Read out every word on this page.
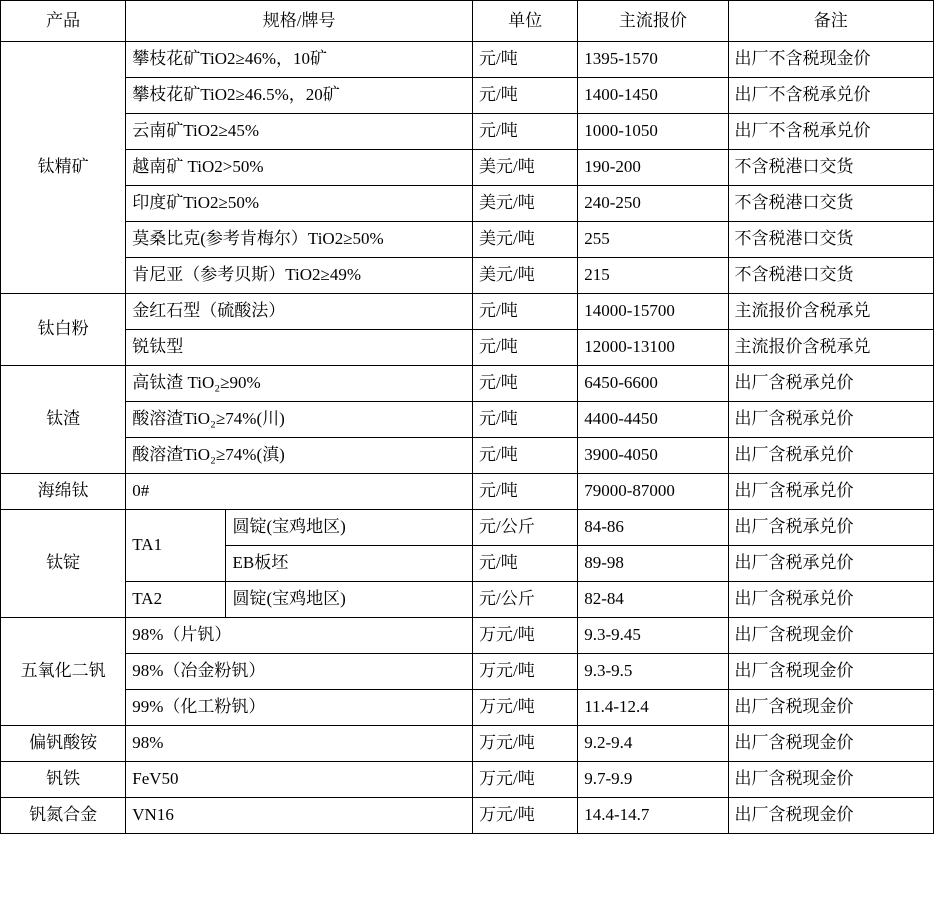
产品	规格/牌号		单位	主流报价	备注
钛精矿	攀枝花矿TiO2≥46%，10矿		元/吨	1395-1570	出厂不含税现金价
	攀枝花矿TiO2≥46.5%，20矿		元/吨	1400-1450	出厂不含税承兑价
	云南矿TiO2≥45%		元/吨	1000-1050	出厂不含税承兑价
	越南矿 TiO2>50%		美元/吨	190-200	不含税港口交货
	印度矿TiO2≥50%		美元/吨	240-250	不含税港口交货
	莫桑比克(参考肯梅尔）TiO2≥50%		美元/吨	255	不含税港口交货
	肯尼亚（参考贝斯）TiO2≥49%		美元/吨	215	不含税港口交货
钛白粉	金红石型（硫酸法）		元/吨	14000-15700	主流报价含税承兑
	锐钛型		元/吨	12000-13100	主流报价含税承兑
钛渣	高钛渣 TiO₂≥90%		元/吨	6450-6600	出厂含税承兑价
	酸溶渣TiO₂≥74%(川)		元/吨	4400-4450	出厂含税承兑价
	酸溶渣TiO₂≥74%(滇)		元/吨	3900-4050	出厂含税承兑价
海绵钛	0#		元/吨	79000-87000	出厂含税承兑价
钛锭	TA1	圆锭(宝鸡地区)	元/公斤	84-86	出厂含税承兑价
		EB板坯	元/吨	89-98	出厂含税承兑价
	TA2	圆锭(宝鸡地区)	元/公斤	82-84	出厂含税承兑价
五氧化二钒	98%（片钒）		万元/吨	9.3-9.45	出厂含税现金价
	98%（冶金粉钒）		万元/吨	9.3-9.5	出厂含税现金价
	99%（化工粉钒）		万元/吨	11.4-12.4	出厂含税现金价
偏钒酸铵	98%		万元/吨	9.2-9.4	出厂含税现金价
钒铁	FeV50		万元/吨	9.7-9.9	出厂含税现金价
钒氮合金	VN16		万元/吨	14.4-14.7	出厂含税现金价
